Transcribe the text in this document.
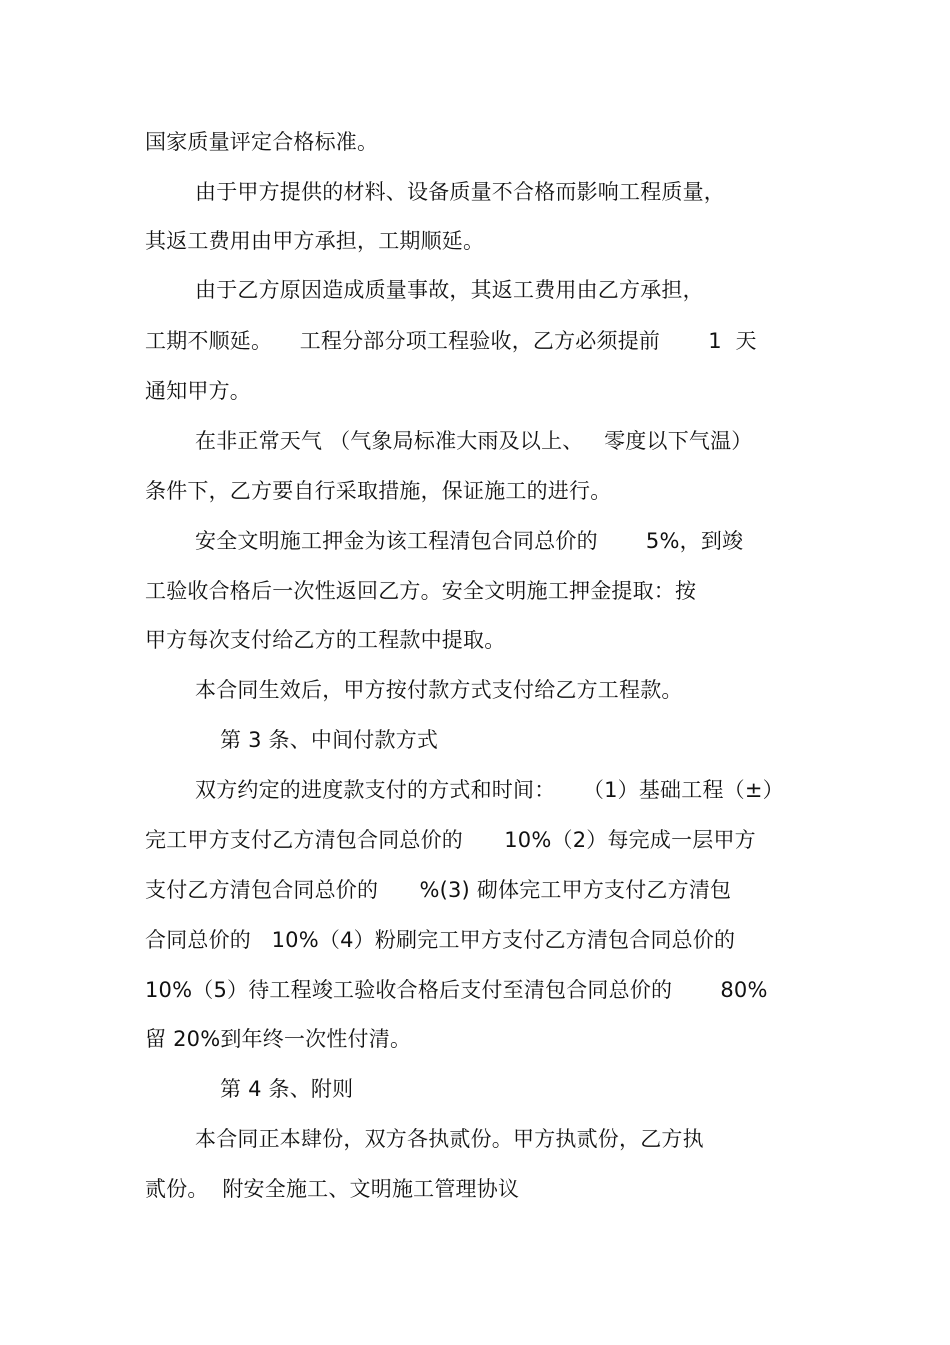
国家质量评定合格标准。
由于甲方提供的材料、设备质量不合格而影响工程质量，
其返工费用由甲方承担，工期顺延。
由于乙方原因造成质量事故，其返工费用由乙方承担，
工期不顺延。    工程分部分项工程验收，乙方必须提前       1  天
通知甲方。
在非正常天气 （气象局标准大雨及以上、   零度以下气温）
条件下，乙方要自行采取措施，保证施工的进行。
安全文明施工押金为该工程清包合同总价的       5%，到竣
工验收合格后一次性返回乙方。安全文明施工押金提取：按
甲方每次支付给乙方的工程款中提取。
本合同生效后，甲方按付款方式支付给乙方工程款。
第 3 条、中间付款方式
双方约定的进度款支付的方式和时间：    （1）基础工程（±）
完工甲方支付乙方清包合同总价的      10%（2）每完成一层甲方
支付乙方清包合同总价的      %(3) 砌体完工甲方支付乙方清包
合同总价的   10%（4）粉刷完工甲方支付乙方清包合同总价的
10%（5）待工程竣工验收合格后支付至清包合同总价的       80%
留 20%到年终一次性付清。
第 4 条、附则
本合同正本肆份，双方各执贰份。甲方执贰份，乙方执
贰份。  附安全施工、文明施工管理协议
